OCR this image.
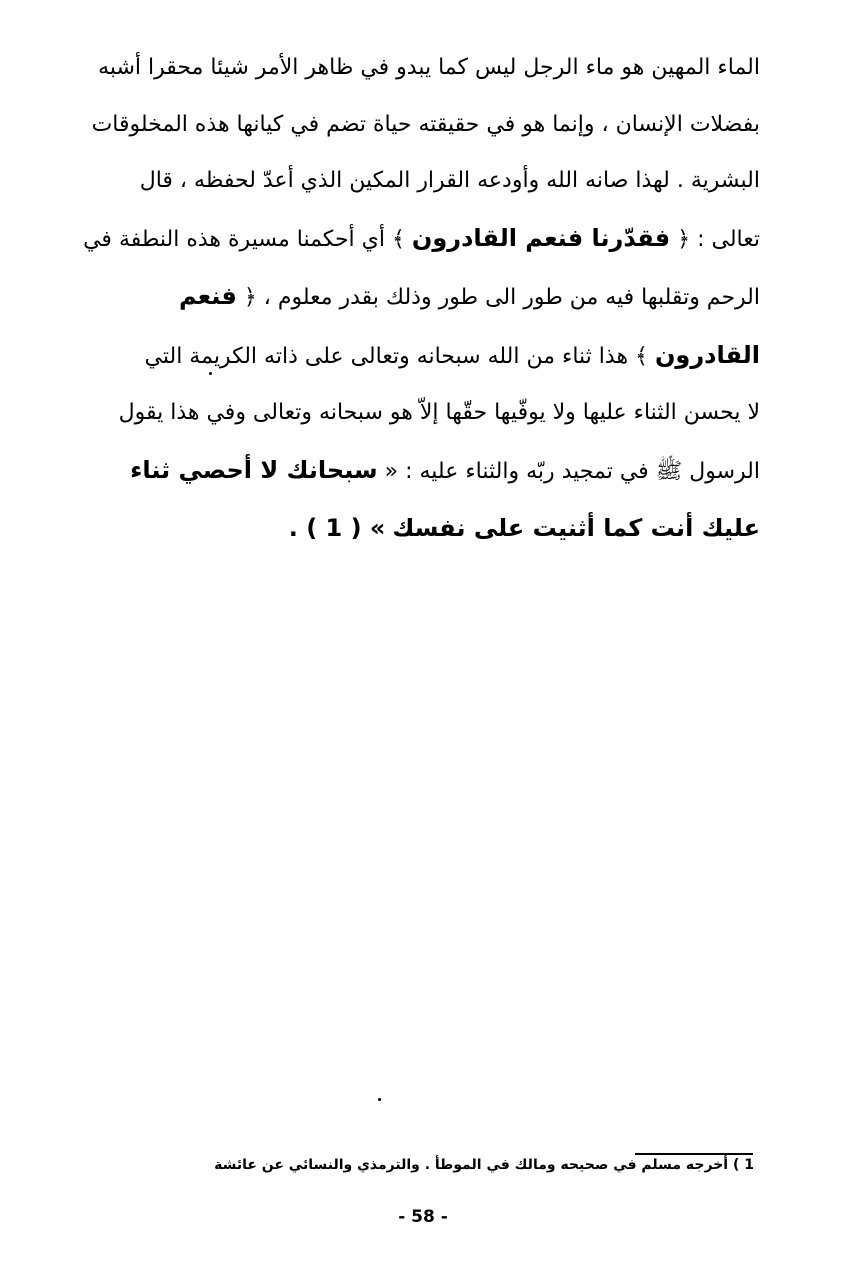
الماء المهين هو ماء الرجل ليس كما يبدو في ظاهر الأمر شيئا محقرا أشبه
بفضلات الإنسان ، وإنما هو في حقيقته حياة تضم في كيانها هذه المخلوقات
البشرية . لهذا صانه الله وأودعه القرار المكين الذي أعدّ لحفظه ، قال
تعالى : ﴿ فقدّرنا فنعم القادرون ﴾ أي أحكمنا مسيرة هذه النطفة في
الرحم وتقلبها فيه من طور الى طور وذلك بقدر معلوم ، ﴿ فنعم
القادرون ﴾ هذا ثناء من الله سبحانه وتعالى على ذاته الكريمة التي
لا يحسن الثناء عليها ولا يوفّيها حقّها إلاّ هو سبحانه وتعالى وفي هذا يقول
الرسول ﷺ في تمجيد ربّه والثناء عليه : « سبحانك لا أحصي ثناء
عليك أنت كما أثنيت على نفسك » ( 1 ) .

1 ) أخرجه مسلم في صحيحه ومالك في الموطأ . والترمذي والنسائي عن عائشة

- 58 -
